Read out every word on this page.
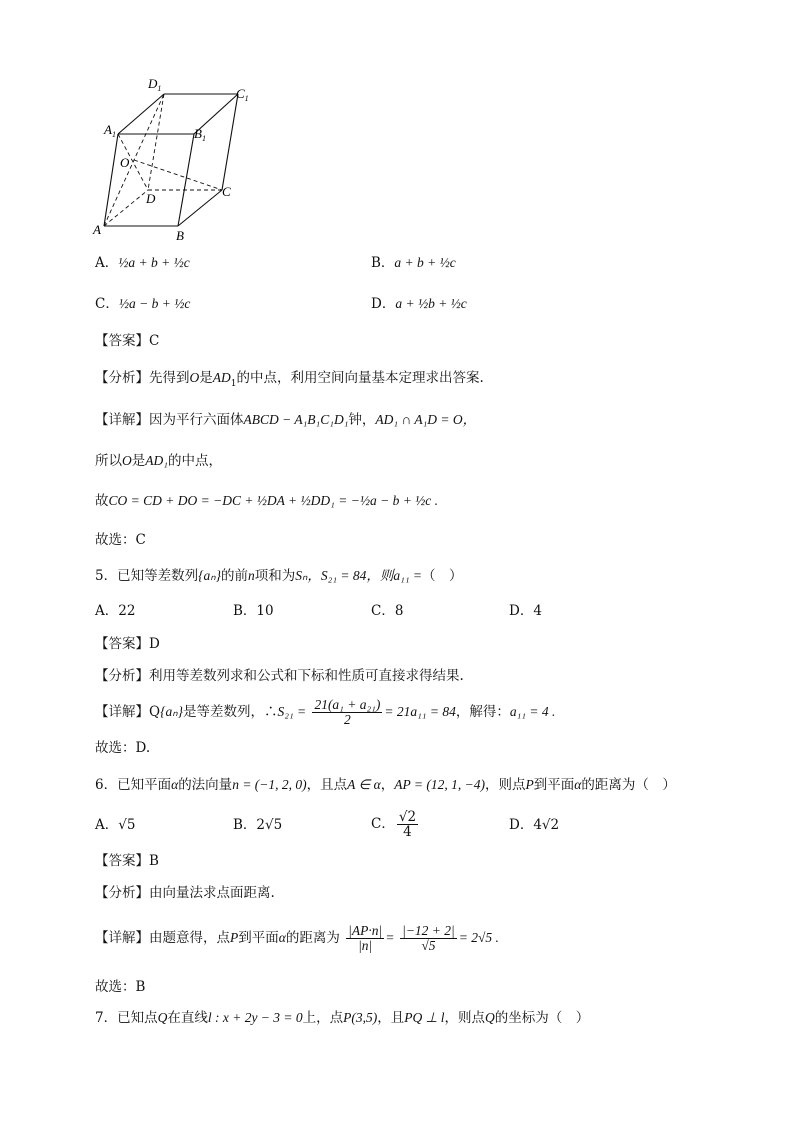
$D_1$	$C_1$
$A_1$	$B_1$
O
D	C
A	B
A．½a + b + ½c	B．a + b + ½c
C．½a − b + ½c	D．a + ½b + ½c
【答案】C
【分析】先得到O是$AD_1$的中点，利用空间向量基本定理求出答案.
【详解】因为平行六面体ABCD − A₁B₁C₁D₁钟，AD₁ ∩ A₁D = O，
所以O是AD₁的中点，
故CO = CD + DO = −DC + ½DA + ½DD₁ = −½a − b + ½c .
故选：C
5．已知等差数列{aₙ}的前n项和为Sₙ，S₂₁ = 84，则a₁₁ =（　）
A．22	B．10	C．8	D．4
【答案】D
【分析】利用等差数列求和公式和下标和性质可直接求得结果.
【详解】Q{aₙ}是等差数列，∴S₂₁ = $\frac{\text{21(a₁ + a₂₁)}}{2} = 21a_{11} = 84$，解得：a₁₁ = 4 .
故选：D.
6．已知平面α的法向量n = (−1, 2, 0)，且点A ∈ α，AP = (12, 1, −4)，则点P到平面α的距离为（　）
A．√5	B．2√5	C． $\frac{√2}{4}$	D．4√2
【答案】B
【分析】由向量法求点面距离.
【详解】由题意得，点P到平面α的距离为 $\frac{|AP\cdot n|}{|n|} = \frac{|-12 + 2|}{√5} = 2√5$ .
故选：B
7．已知点Q在直线l : x + 2y − 3 = 0上，点P(3,5)，且PQ ⊥ l，则点Q的坐标为（　）
